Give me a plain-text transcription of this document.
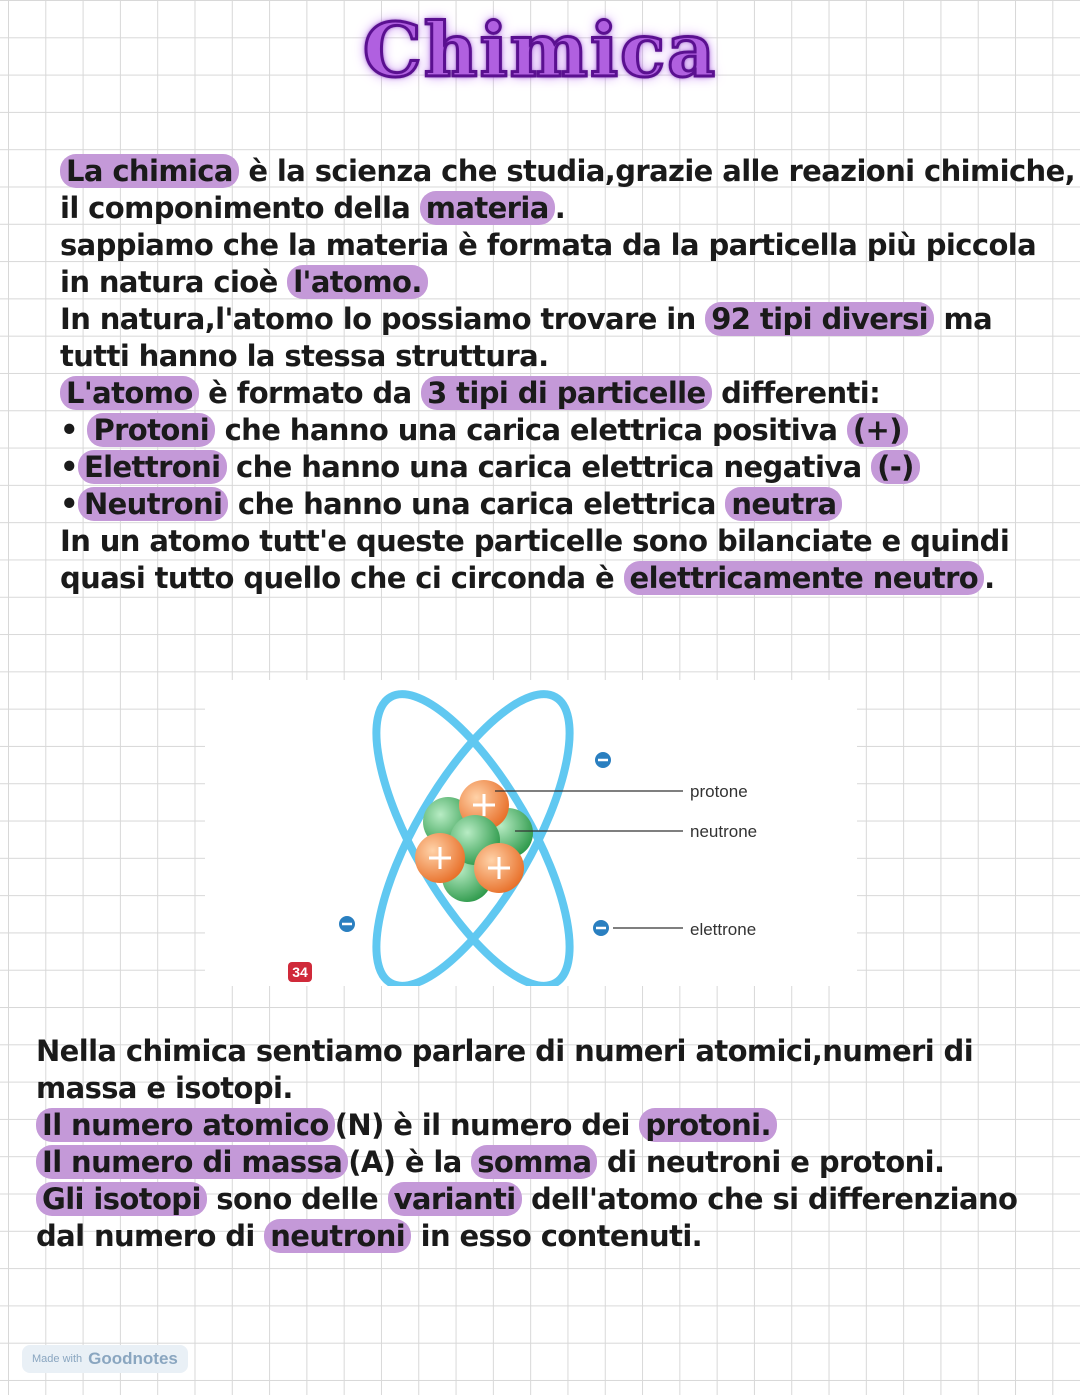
Chimica
La chimica è la scienza che studia,grazie alle reazioni chimiche,
il componimento della materia .
sappiamo che la materia è formata da la particella più piccola
in natura cioè l'atomo.
In natura,l'atomo lo possiamo trovare in 92 tipi diversi ma
tutti hanno la stessa struttura.
L'atomo è formato da 3 tipi di particelle differenti:
• Protoni che hanno una carica elettrica positiva (+)
• Elettroni che hanno una carica elettrica negativa (-)
• Neutroni che hanno una carica elettrica neutra
In un atomo tutt'e queste particelle sono bilanciate e quindi
quasi tutto quello che ci circonda è elettricamente neutro .
protone
neutrone
elettrone
34
Nella chimica sentiamo parlare di numeri atomici,numeri di
massa e isotopi.
Il numero atomico (N) è il numero dei protoni.
Il numero di massa (A) è la somma di neutroni e protoni.
Gli isotopi sono delle varianti dell'atomo che si differenziano
dal numero di neutroni in esso contenuti.
Made with Goodnotes
